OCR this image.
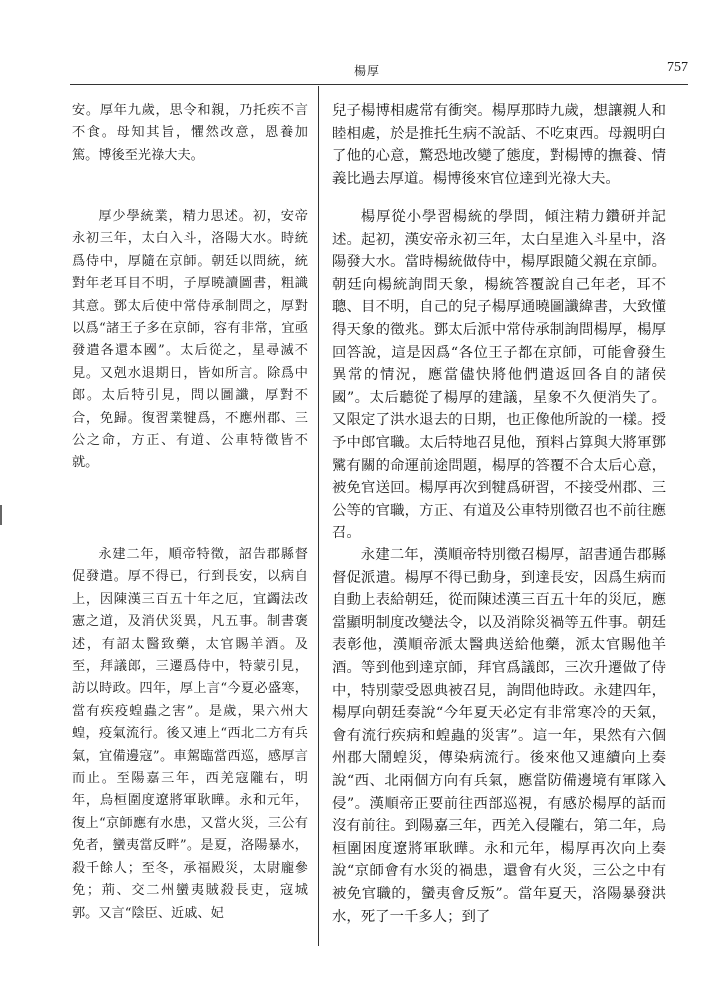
楊厚	757

安。厚年九歲，思令和親，乃托疾不言不食。母知其旨，懼然改意，恩養加篤。博後至光祿大夫。

厚少學統業，精力思述。初，安帝永初三年，太白入斗，洛陽大水。時統爲侍中，厚隨在京師。朝廷以問統，統對年老耳目不明，子厚曉讀圖書，粗識其意。鄧太后使中常侍承制問之，厚對以爲“諸王子多在京師，容有非常，宜亟發遣各還本國”。太后從之，星尋滅不見。又剋水退期日，皆如所言。除爲中郎。太后特引見，問以圖讖，厚對不合，免歸。復習業犍爲，不應州郡、三公之命，方正、有道、公車特徵皆不就。

永建二年，順帝特徵，詔告郡縣督促發遣。厚不得已，行到長安，以病自上，因陳漢三百五十年之厄，宜蠲法改憲之道，及消伏災異，凡五事。制書褒述，有詔太醫致藥，太官賜羊酒。及至，拜議郎，三遷爲侍中，特蒙引見，訪以時政。四年，厚上言“今夏必盛寒，當有疾疫蝗蟲之害”。是歲，果六州大蝗，疫氣流行。後又連上“西北二方有兵氣，宜備邊寇”。車駕臨當西巡，感厚言而止。至陽嘉三年，西羌寇隴右，明年，烏桓圍度遼將軍耿曄。永和元年，復上“京師應有水患，又當火災，三公有免者，蠻夷當反畔”。是夏，洛陽暴水，殺千餘人；至冬，承福殿災，太尉龐參免；荊、交二州蠻夷賊殺長吏，寇城郭。又言“陰臣、近戚、妃

兒子楊博相處常有衝突。楊厚那時九歲，想讓親人和睦相處，於是推托生病不說話、不吃東西。母親明白了他的心意，驚恐地改變了態度，對楊博的撫養、情義比過去厚道。楊博後來官位達到光祿大夫。

楊厚從小學習楊統的學問，傾注精力鑽研并記述。起初，漢安帝永初三年，太白星進入斗星中，洛陽發大水。當時楊統做侍中，楊厚跟隨父親在京師。朝廷向楊統詢問天象，楊統答覆說自己年老，耳不聰、目不明，自己的兒子楊厚通曉圖讖緯書，大致懂得天象的徵兆。鄧太后派中常侍承制詢問楊厚，楊厚回答說，這是因爲“各位王子都在京師，可能會發生異常的情況，應當儘快將他們遣返回各自的諸侯國”。太后聽從了楊厚的建議，星象不久便消失了。又限定了洪水退去的日期，也正像他所說的一樣。授予中郎官職。太后特地召見他，預料占算與大將軍鄧騭有關的命運前途問題，楊厚的答覆不合太后心意，被免官送回。楊厚再次到犍爲研習，不接受州郡、三公等的官職，方正、有道及公車特別徵召也不前往應召。

永建二年，漢順帝特別徵召楊厚，詔書通告郡縣督促派遣。楊厚不得已動身，到達長安，因爲生病而自動上表給朝廷，從而陳述漢三百五十年的災厄，應當顯明制度改變法令，以及消除災禍等五件事。朝廷表彰他，漢順帝派太醫典送給他藥，派太官賜他羊酒。等到他到達京師，拜官爲議郎，三次升遷做了侍中，特別蒙受恩典被召見，詢問他時政。永建四年，楊厚向朝廷奏說“今年夏天必定有非常寒冷的天氣，會有流行疾病和蝗蟲的災害”。這一年，果然有六個州郡大鬧蝗災，傳染病流行。後來他又連續向上奏說“西、北兩個方向有兵氣，應當防備邊境有軍隊入侵”。漢順帝正要前往西部巡視，有感於楊厚的話而沒有前往。到陽嘉三年，西羌入侵隴右，第二年，烏桓圍困度遼將軍耿曄。永和元年，楊厚再次向上奏說“京師會有水災的禍患，還會有火災，三公之中有被免官職的，蠻夷會反叛”。當年夏天，洛陽暴發洪水，死了一千多人；到了
